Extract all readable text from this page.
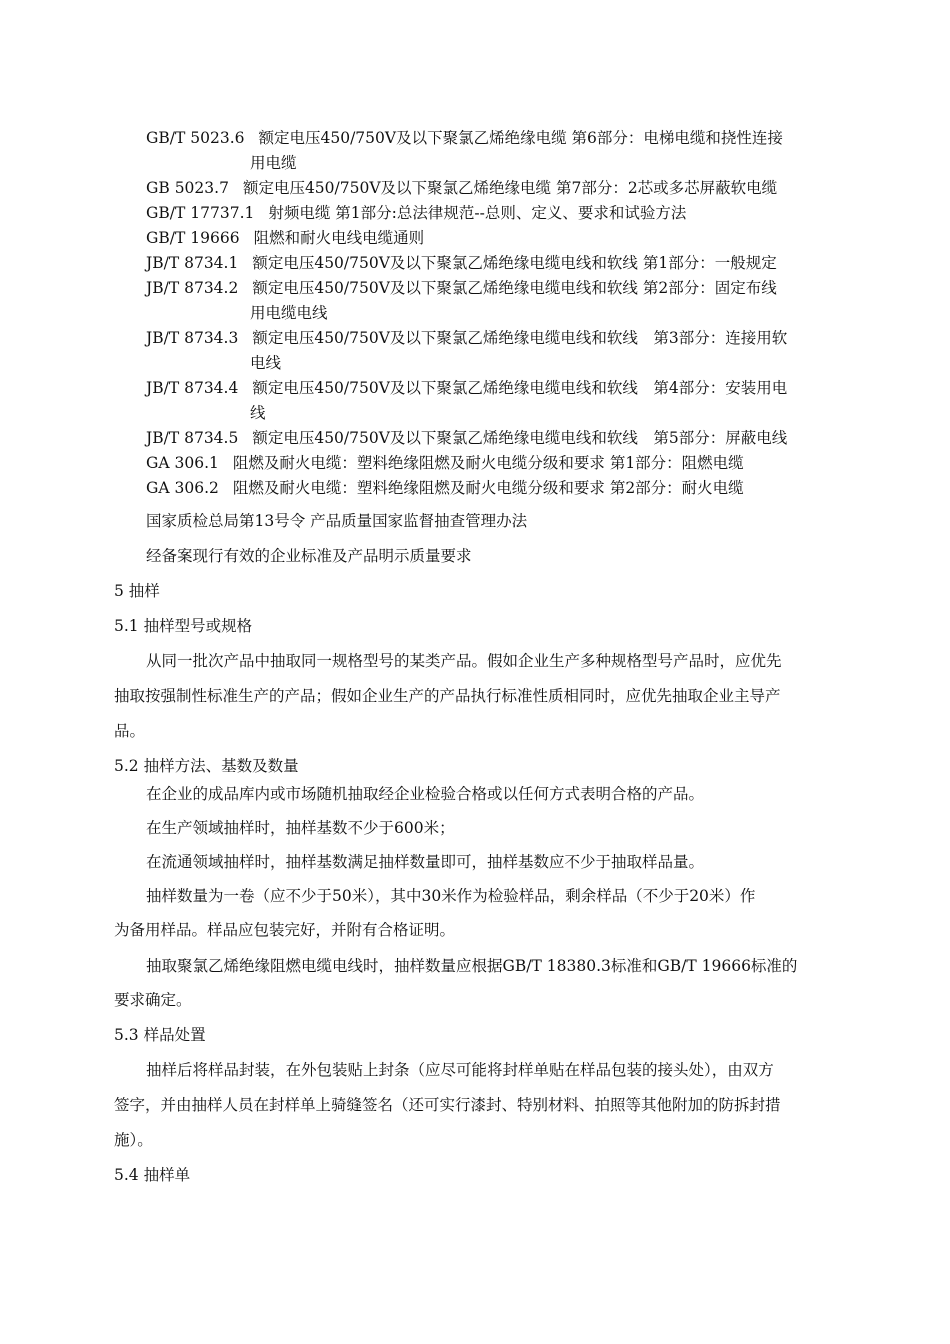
GB/T 5023.6 额定电压450/750V及以下聚氯乙烯绝缘电缆 第6部分：电梯电缆和挠性连接
用电缆
GB 5023.7 额定电压450/750V及以下聚氯乙烯绝缘电缆 第7部分：2芯或多芯屏蔽软电缆
GB/T 17737.1 射频电缆 第1部分:总法律规范--总则、定义、要求和试验方法
GB/T 19666 阻燃和耐火电线电缆通则
JB/T 8734.1 额定电压450/750V及以下聚氯乙烯绝缘电缆电线和软线 第1部分：一般规定
JB/T 8734.2 额定电压450/750V及以下聚氯乙烯绝缘电缆电线和软线 第2部分：固定布线
用电缆电线
JB/T 8734.3 额定电压450/750V及以下聚氯乙烯绝缘电缆电线和软线　第3部分：连接用软
电线
JB/T 8734.4 额定电压450/750V及以下聚氯乙烯绝缘电缆电线和软线　第4部分：安装用电
线
JB/T 8734.5 额定电压450/750V及以下聚氯乙烯绝缘电缆电线和软线　第5部分：屏蔽电线
GA 306.1 阻燃及耐火电缆：塑料绝缘阻燃及耐火电缆分级和要求 第1部分：阻燃电缆
GA 306.2 阻燃及耐火电缆：塑料绝缘阻燃及耐火电缆分级和要求 第2部分：耐火电缆
国家质检总局第13号令 产品质量国家监督抽查管理办法
经备案现行有效的企业标准及产品明示质量要求
5 抽样
5.1 抽样型号或规格
从同一批次产品中抽取同一规格型号的某类产品。假如企业生产多种规格型号产品时，应优先
抽取按强制性标准生产的产品；假如企业生产的产品执行标准性质相同时，应优先抽取企业主导产
品。
5.2 抽样方法、基数及数量
在企业的成品库内或市场随机抽取经企业检验合格或以任何方式表明合格的产品。
在生产领域抽样时，抽样基数不少于600米；
在流通领域抽样时，抽样基数满足抽样数量即可，抽样基数应不少于抽取样品量。
抽样数量为一卷（应不少于50米），其中30米作为检验样品，剩余样品（不少于20米）作
为备用样品。样品应包装完好，并附有合格证明。
抽取聚氯乙烯绝缘阻燃电缆电线时，抽样数量应根据GB/T 18380.3标准和GB/T 19666标准的
要求确定。
5.3 样品处置
抽样后将样品封装，在外包装贴上封条（应尽可能将封样单贴在样品包装的接头处），由双方
签字，并由抽样人员在封样单上骑缝签名（还可实行漆封、特别材料、拍照等其他附加的防拆封措
施）。
5.4 抽样单
